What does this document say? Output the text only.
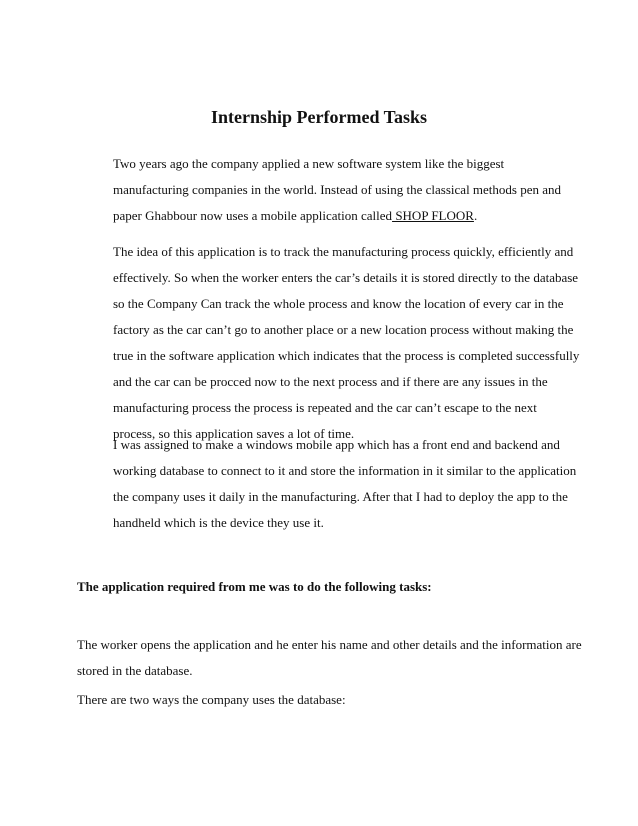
Internship Performed Tasks
Two years ago the company applied a new software system like the biggest
manufacturing companies in the world. Instead of using the classical methods pen and
paper Ghabbour now uses a mobile application called SHOP FLOOR.
The idea of this application is to track the manufacturing process quickly, efficiently and
effectively. So when the worker enters the car’s details it is stored directly to the database
so the Company Can track the whole process and know the location of every car in the
factory as the car can’t go to another place or a new location process without making the
true in the software application which indicates that the process is completed successfully
and the car can be procced now to the next process and if there are any issues in the
manufacturing process the process is repeated and the car can’t escape to the next
process, so this application saves a lot of time.
I was assigned to make a windows mobile app which has a front end and backend and
working database to connect to it and store the information in it similar to the application
the company uses it daily in the manufacturing. After that I had to deploy the app to the
handheld which is the device they use it.
The application required from me was to do the following tasks:
The worker opens the application and he enter his name and other details and the information are
stored in the database.
There are two ways the company uses the database:
